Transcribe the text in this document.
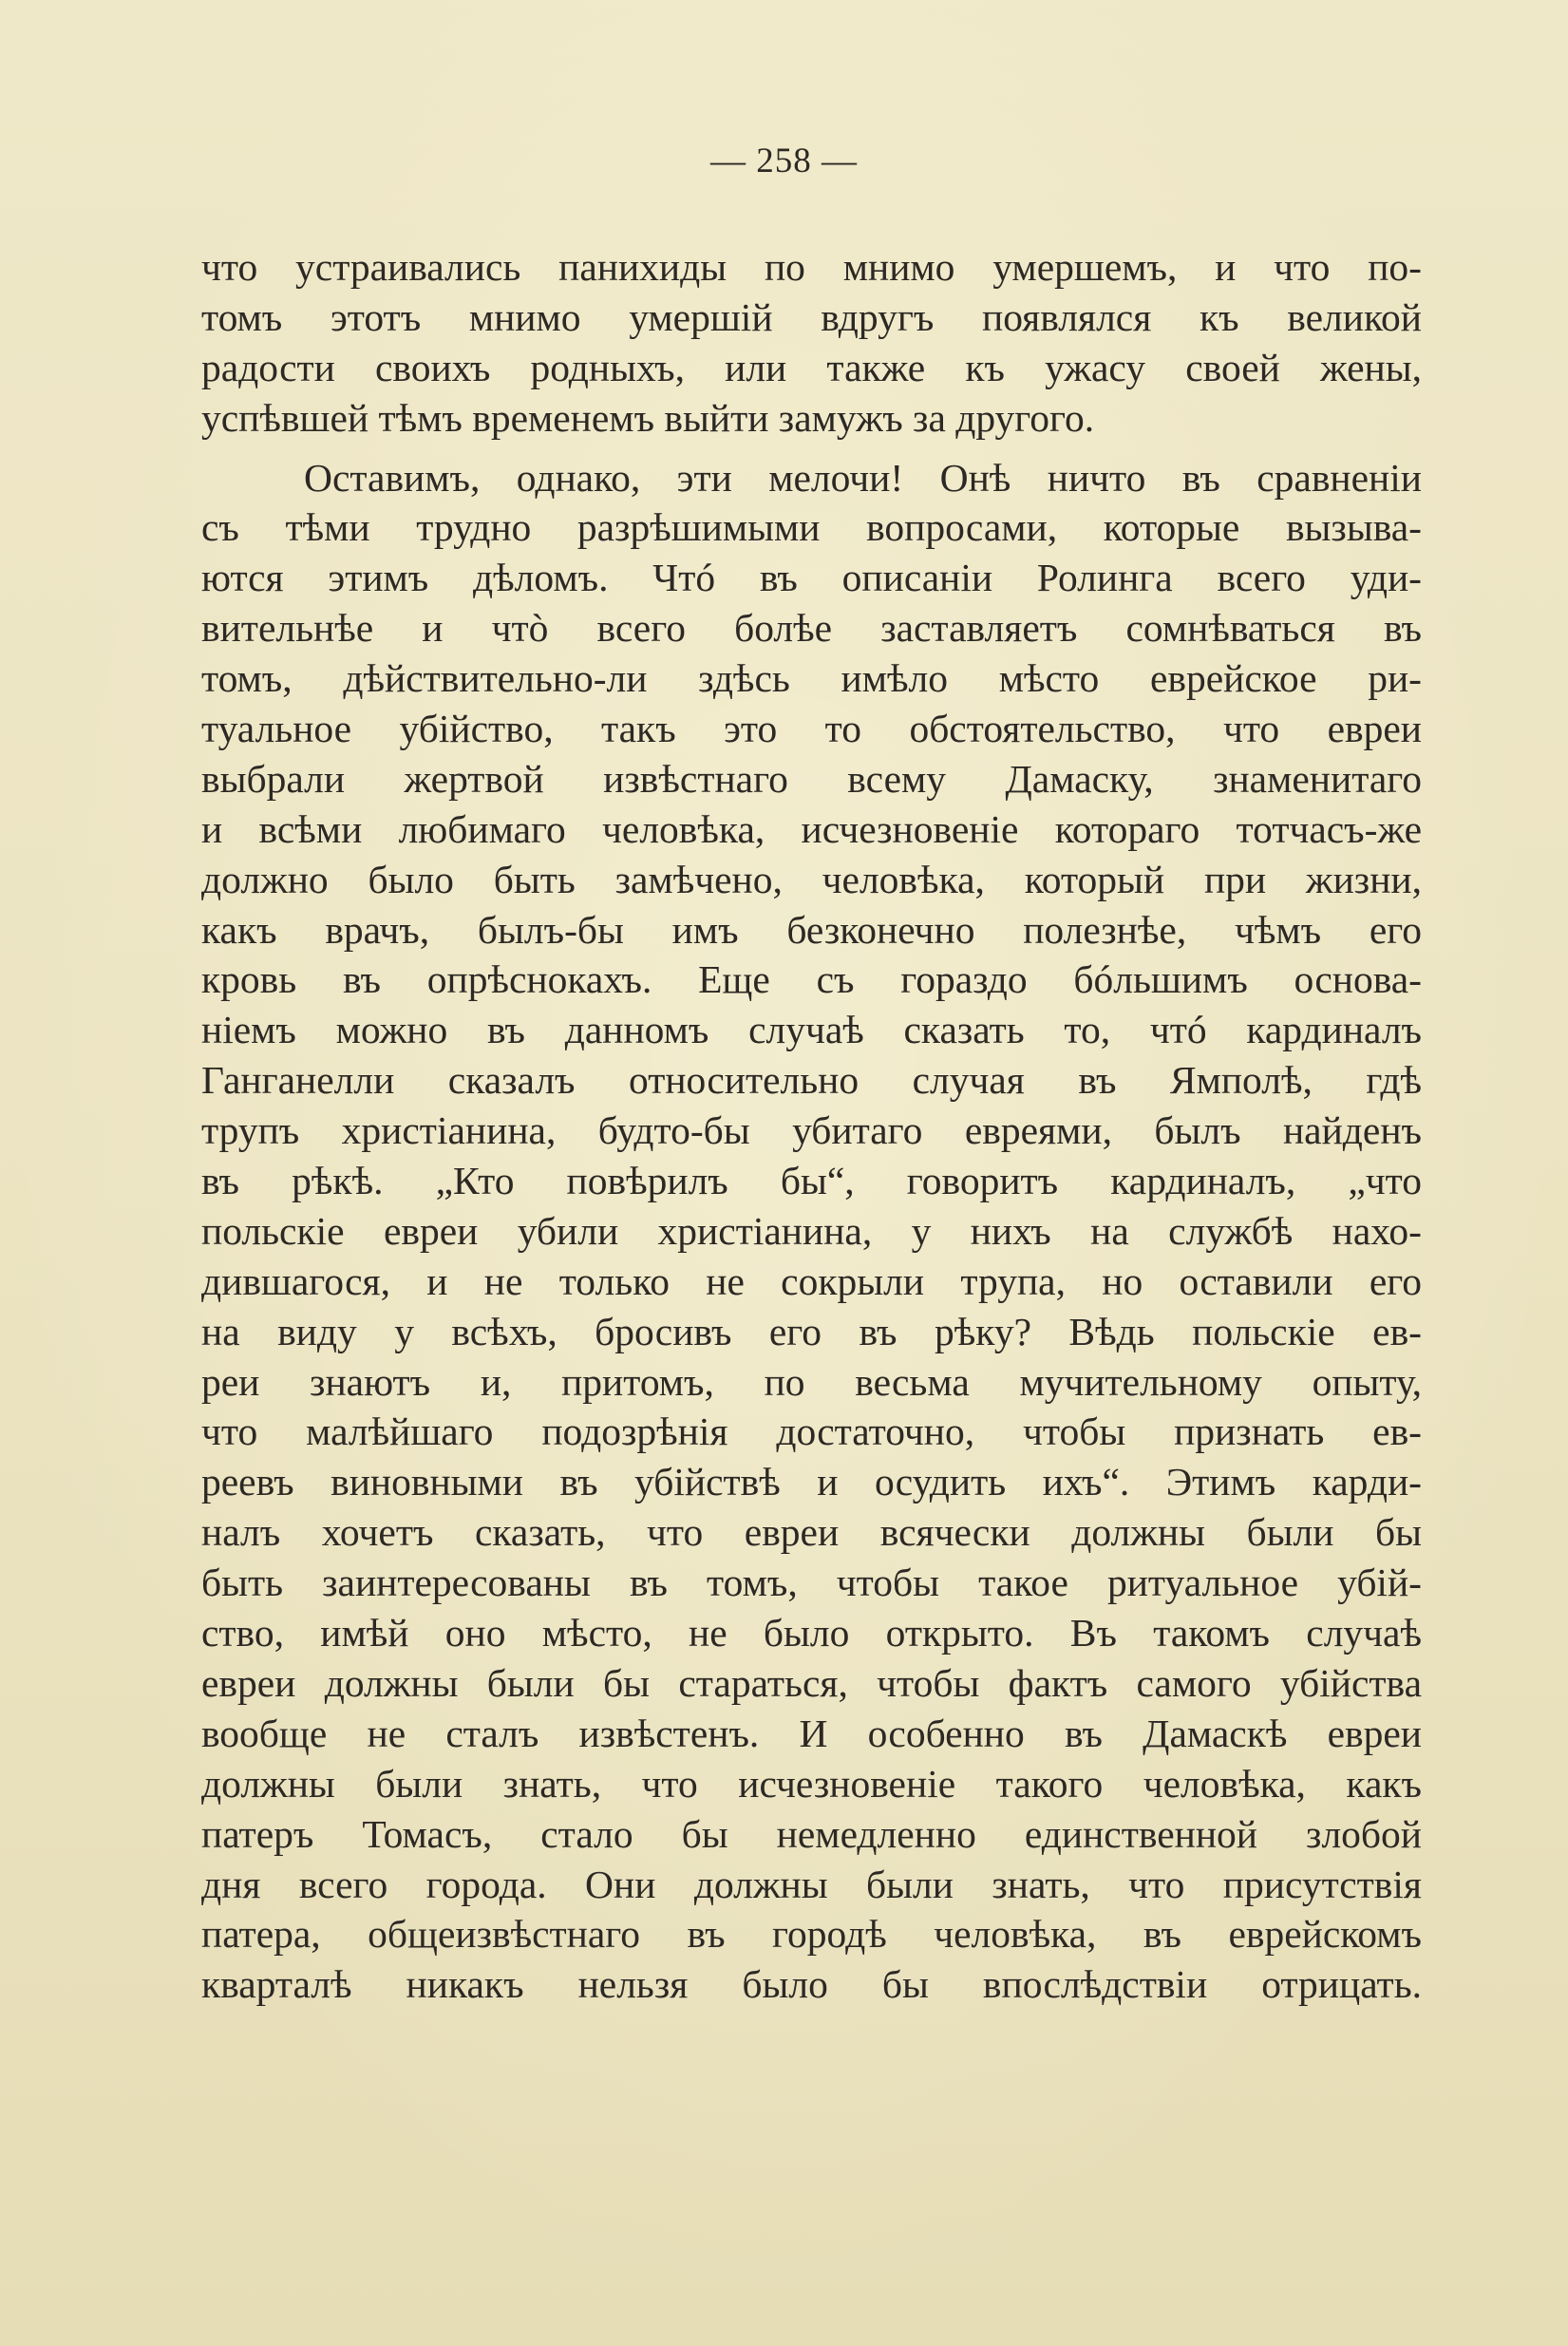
— 258 —
что устраивались панихиды по мнимо умершемъ, и что по-
томъ этотъ мнимо умершій вдругъ появлялся къ великой
радости своихъ родныхъ, или также къ ужасу своей жены,
успѣвшей тѣмъ временемъ выйти замужъ за другого.
Оставимъ, однако, эти мелочи! Онѣ ничто въ сравненіи
съ тѣми трудно разрѣшимыми вопросами, которые вызыва-
ются этимъ дѣломъ. Чтó въ описаніи Ролинга всего уди-
вительнѣе и чтò всего болѣе заставляетъ сомнѣваться въ
томъ, дѣйствительно-ли здѣсь имѣло мѣсто еврейское ри-
туальное убійство, такъ это то обстоятельство, что евреи
выбрали жертвой извѣстнаго всему Дамаску, знаменитаго
и всѣми любимаго человѣка, исчезновеніе котораго тотчасъ-же
должно было быть замѣчено, человѣка, который при жизни,
какъ врачъ, былъ-бы имъ безконечно полезнѣе, чѣмъ его
кровь въ опрѣснокахъ. Еще съ гораздо бóльшимъ основа-
ніемъ можно въ данномъ случаѣ сказать то, чтó кардиналъ
Ганганелли сказалъ относительно случая въ Ямполѣ, гдѣ
трупъ христіанина, будто-бы убитаго евреями, былъ найденъ
въ рѣкѣ. „Кто повѣрилъ бы“, говоритъ кардиналъ, „что
польскіе евреи убили христіанина, у нихъ на службѣ нахо-
дившагося, и не только не сокрыли трупа, но оставили его
на виду у всѣхъ, бросивъ его въ рѣку? Вѣдь польскіе ев-
реи знаютъ и, притомъ, по весьма мучительному опыту,
что малѣйшаго подозрѣнія достаточно, чтобы признать ев-
реевъ виновными въ убійствѣ и осудить ихъ“. Этимъ карди-
налъ хочетъ сказать, что евреи всячески должны были бы
быть заинтересованы въ томъ, чтобы такое ритуальное убій-
ство, имѣй оно мѣсто, не было открыто. Въ такомъ случаѣ
евреи должны были бы стараться, чтобы фактъ самого убійства
вообще не сталъ извѣстенъ. И особенно въ Дамаскѣ евреи
должны были знать, что исчезновеніе такого человѣка, какъ
патеръ Томасъ, стало бы немедленно единственной злобой
дня всего города. Они должны были знать, что присутствія
патера, общеизвѣстнаго въ городѣ человѣка, въ еврейскомъ
кварталѣ никакъ нельзя было бы впослѣдствіи отрицать.
